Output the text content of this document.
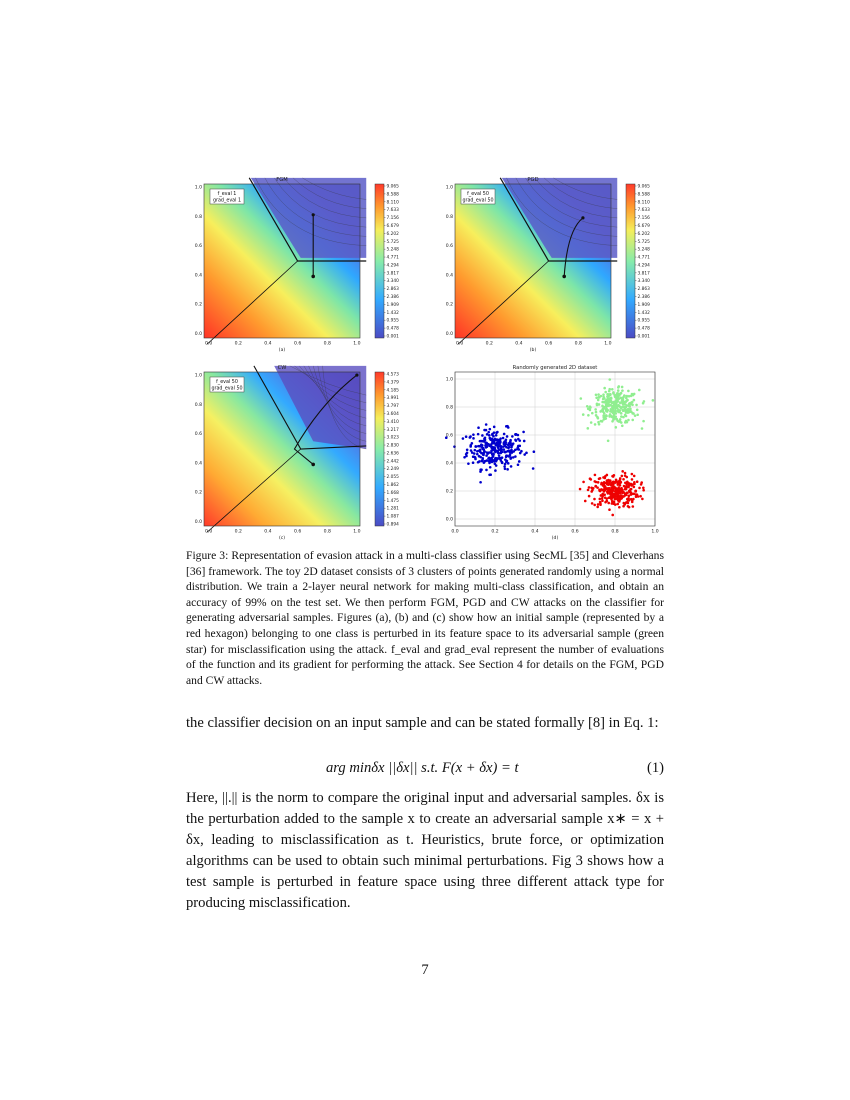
FGM
f_eval 1
grad_eval 1
0.0
0.2
0.4
0.6
0.8
1.0
0.0	0.2	0.4	0.6	0.8	1.0
(a)
9.065
8.588
8.110
7.633
7.156
6.679
6.202
5.725
5.248
4.771
4.294
3.817
3.340
2.863
2.386
1.909
1.432
0.955
0.478
0.001
PGD
f_eval 50
grad_eval 50
0.0
0.2
0.4
0.6
0.8
1.0
0.0	0.2	0.4	0.6	0.8	1.0
(b)
9.065
8.588
8.110
7.633
7.156
6.679
6.202
5.725
5.248
4.771
4.294
3.817
3.340
2.863
2.386
1.909
1.432
0.955
0.478
0.001
CW
f_eval 50
grad_eval 50
0.0
0.2
0.4
0.6
0.8
1.0
0.0	0.2	0.4	0.6	0.8	1.0
(c)
4.573
4.379
4.185
3.991
3.797
3.604
3.410
3.217
3.023
2.830
2.636
2.442
2.249
2.055
1.862
1.668
1.475
1.281
1.087
0.894
Randomly generated 2D dataset
0.0	0.2	0.4	0.6	0.8	1.0
0.0
0.2
0.4
0.6
0.8
1.0
(d)
Figure 3: Representation of evasion attack in a multi-class classifier using SecML [35] and Cleverhans [36] framework. The toy 2D dataset consists of 3 clusters of points generated randomly using a normal distribution. We train a 2-layer neural network for making multi-class classification, and obtain an accuracy of 99% on the test set. We then perform FGM, PGD and CW attacks on the classifier for generating adversarial samples. Figures (a), (b) and (c) show how an initial sample (represented by a red hexagon) belonging to one class is perturbed in its feature space to its adversarial sample (green star) for misclassification using the attack. f_eval and grad_eval represent the number of evaluations of the function and its gradient for performing the attack. See Section 4 for details on the FGM, PGD and CW attacks.
the classifier decision on an input sample and can be stated formally [8] in Eq. 1:
arg minδx ||δx|| s.t. F(x + δx) = t	(1)
Here, ||.|| is the norm to compare the original input and adversarial samples. δx is the perturbation added to the sample x to create an adversarial sample x∗ = x + δx, leading to misclassification as t. Heuristics, brute force, or optimization algorithms can be used to obtain such minimal perturbations. Fig 3 shows how a test sample is perturbed in feature space using three different attack type for producing misclassification.
7
